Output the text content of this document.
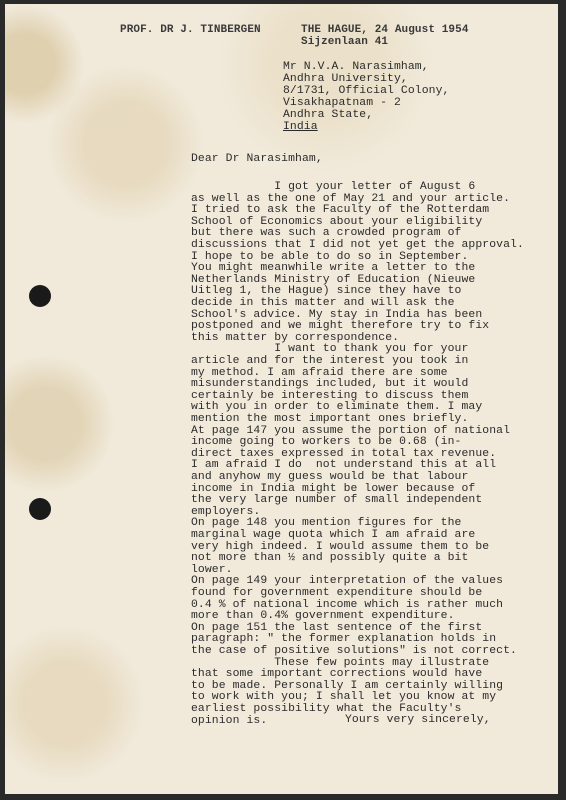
PROF. DR J. TINBERGEN	THE HAGUE, 24 August 1954
Sijzenlaan 41
Mr N.V.A. Narasimham,
Andhra University,
8/1731, Official Colony,
Visakhapatnam - 2
Andhra State,
India
Dear Dr Narasimham,
I got your letter of August 6
as well as the one of May 21 and your article.
I tried to ask the Faculty of the Rotterdam
School of Economics about your eligibility
but there was such a crowded program of
discussions that I did not yet get the approval.
I hope to be able to do so in September.
You might meanwhile write a letter to the
Netherlands Ministry of Education (Nieuwe
Uitleg 1, the Hague) since they have to
decide in this matter and will ask the
School's advice. My stay in India has been
postponed and we might therefore try to fix
this matter by correspondence.
I want to thank you for your
article and for the interest you took in
my method. I am afraid there are some
misunderstandings included, but it would
certainly be interesting to discuss them
with you in order to eliminate them. I may
mention the most important ones briefly.
At page 147 you assume the portion of national
income going to workers to be 0.68 (in-
direct taxes expressed in total tax revenue.
I am afraid I do  not understand this at all
and anyhow my guess would be that labour
income in India might be lower because of
the very large number of small independent
employers.
On page 148 you mention figures for the
marginal wage quota which I am afraid are
very high indeed. I would assume them to be
not more than ½ and possibly quite a bit
lower.
On page 149 your interpretation of the values
found for government expenditure should be
0.4 % of national income which is rather much
more than 0.4% government expenditure.
On page 151 the last sentence of the first
paragraph: " the former explanation holds in
the case of positive solutions" is not correct.
These few points may illustrate
that some important corrections would have
to be made. Personally I am certainly willing
to work with you; I shall let you know at my
earliest possibility what the Faculty's
opinion is.	Yours very sincerely,
